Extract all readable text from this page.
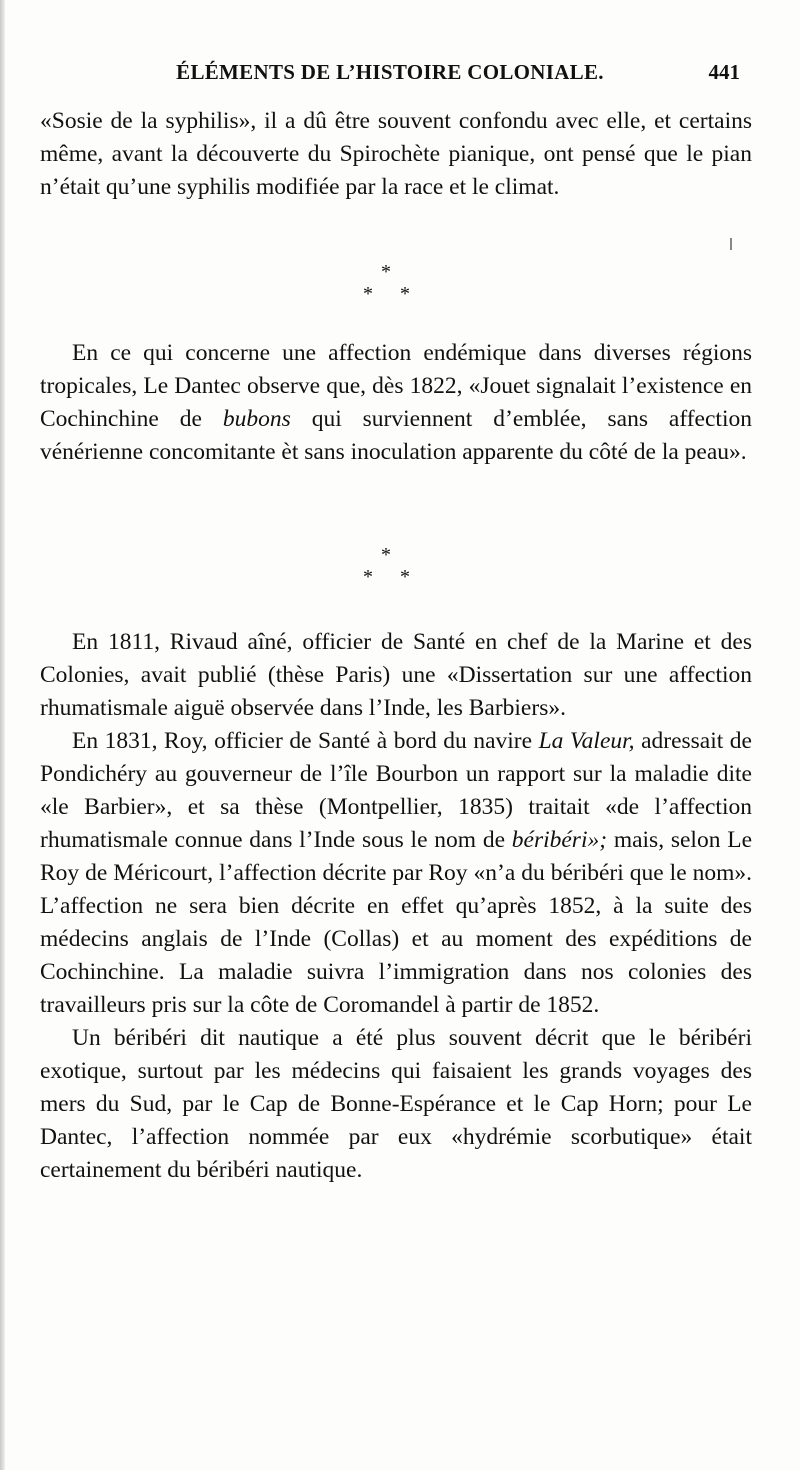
ÉLÉMENTS DE L’HISTOIRE COLONIALE.	441

«Sosie de la syphilis», il a dû être souvent confondu avec elle, et certains même, avant la découverte du Spirochète pianique, ont pensé que le pian n’était qu’une syphilis modifiée par la race et le climat.

*
* *

En ce qui concerne une affection endémique dans diverses régions tropicales, Le Dantec observe que, dès 1822, «Jouet signalait l’existence en Cochinchine de bubons qui surviennent d’emblée, sans affection vénérienne concomitante èt sans inoculation apparente du côté de la peau».

*
* *

En 1811, Rivaud aîné, officier de Santé en chef de la Marine et des Colonies, avait publié (thèse Paris) une «Dissertation sur une affection rhumatismale aiguë observée dans l’Inde, les Barbiers».

En 1831, Roy, officier de Santé à bord du navire La Valeur, adressait de Pondichéry au gouverneur de l’île Bourbon un rapport sur la maladie dite «le Barbier», et sa thèse (Montpellier, 1835) traitait «de l’affection rhumatismale connue dans l’Inde sous le nom de béribéri»; mais, selon Le Roy de Méricourt, l’affection décrite par Roy «n’a du béribéri que le nom». L’affection ne sera bien décrite en effet qu’après 1852, à la suite des médecins anglais de l’Inde (Collas) et au moment des expéditions de Cochinchine. La maladie suivra l’immigration dans nos colonies des travailleurs pris sur la côte de Coromandel à partir de 1852.

Un béribéri dit nautique a été plus souvent décrit que le béribéri exotique, surtout par les médecins qui faisaient les grands voyages des mers du Sud, par le Cap de Bonne-Espérance et le Cap Horn; pour Le Dantec, l’affection nommée par eux «hydrémie scorbutique» était certainement du béribéri nautique.
